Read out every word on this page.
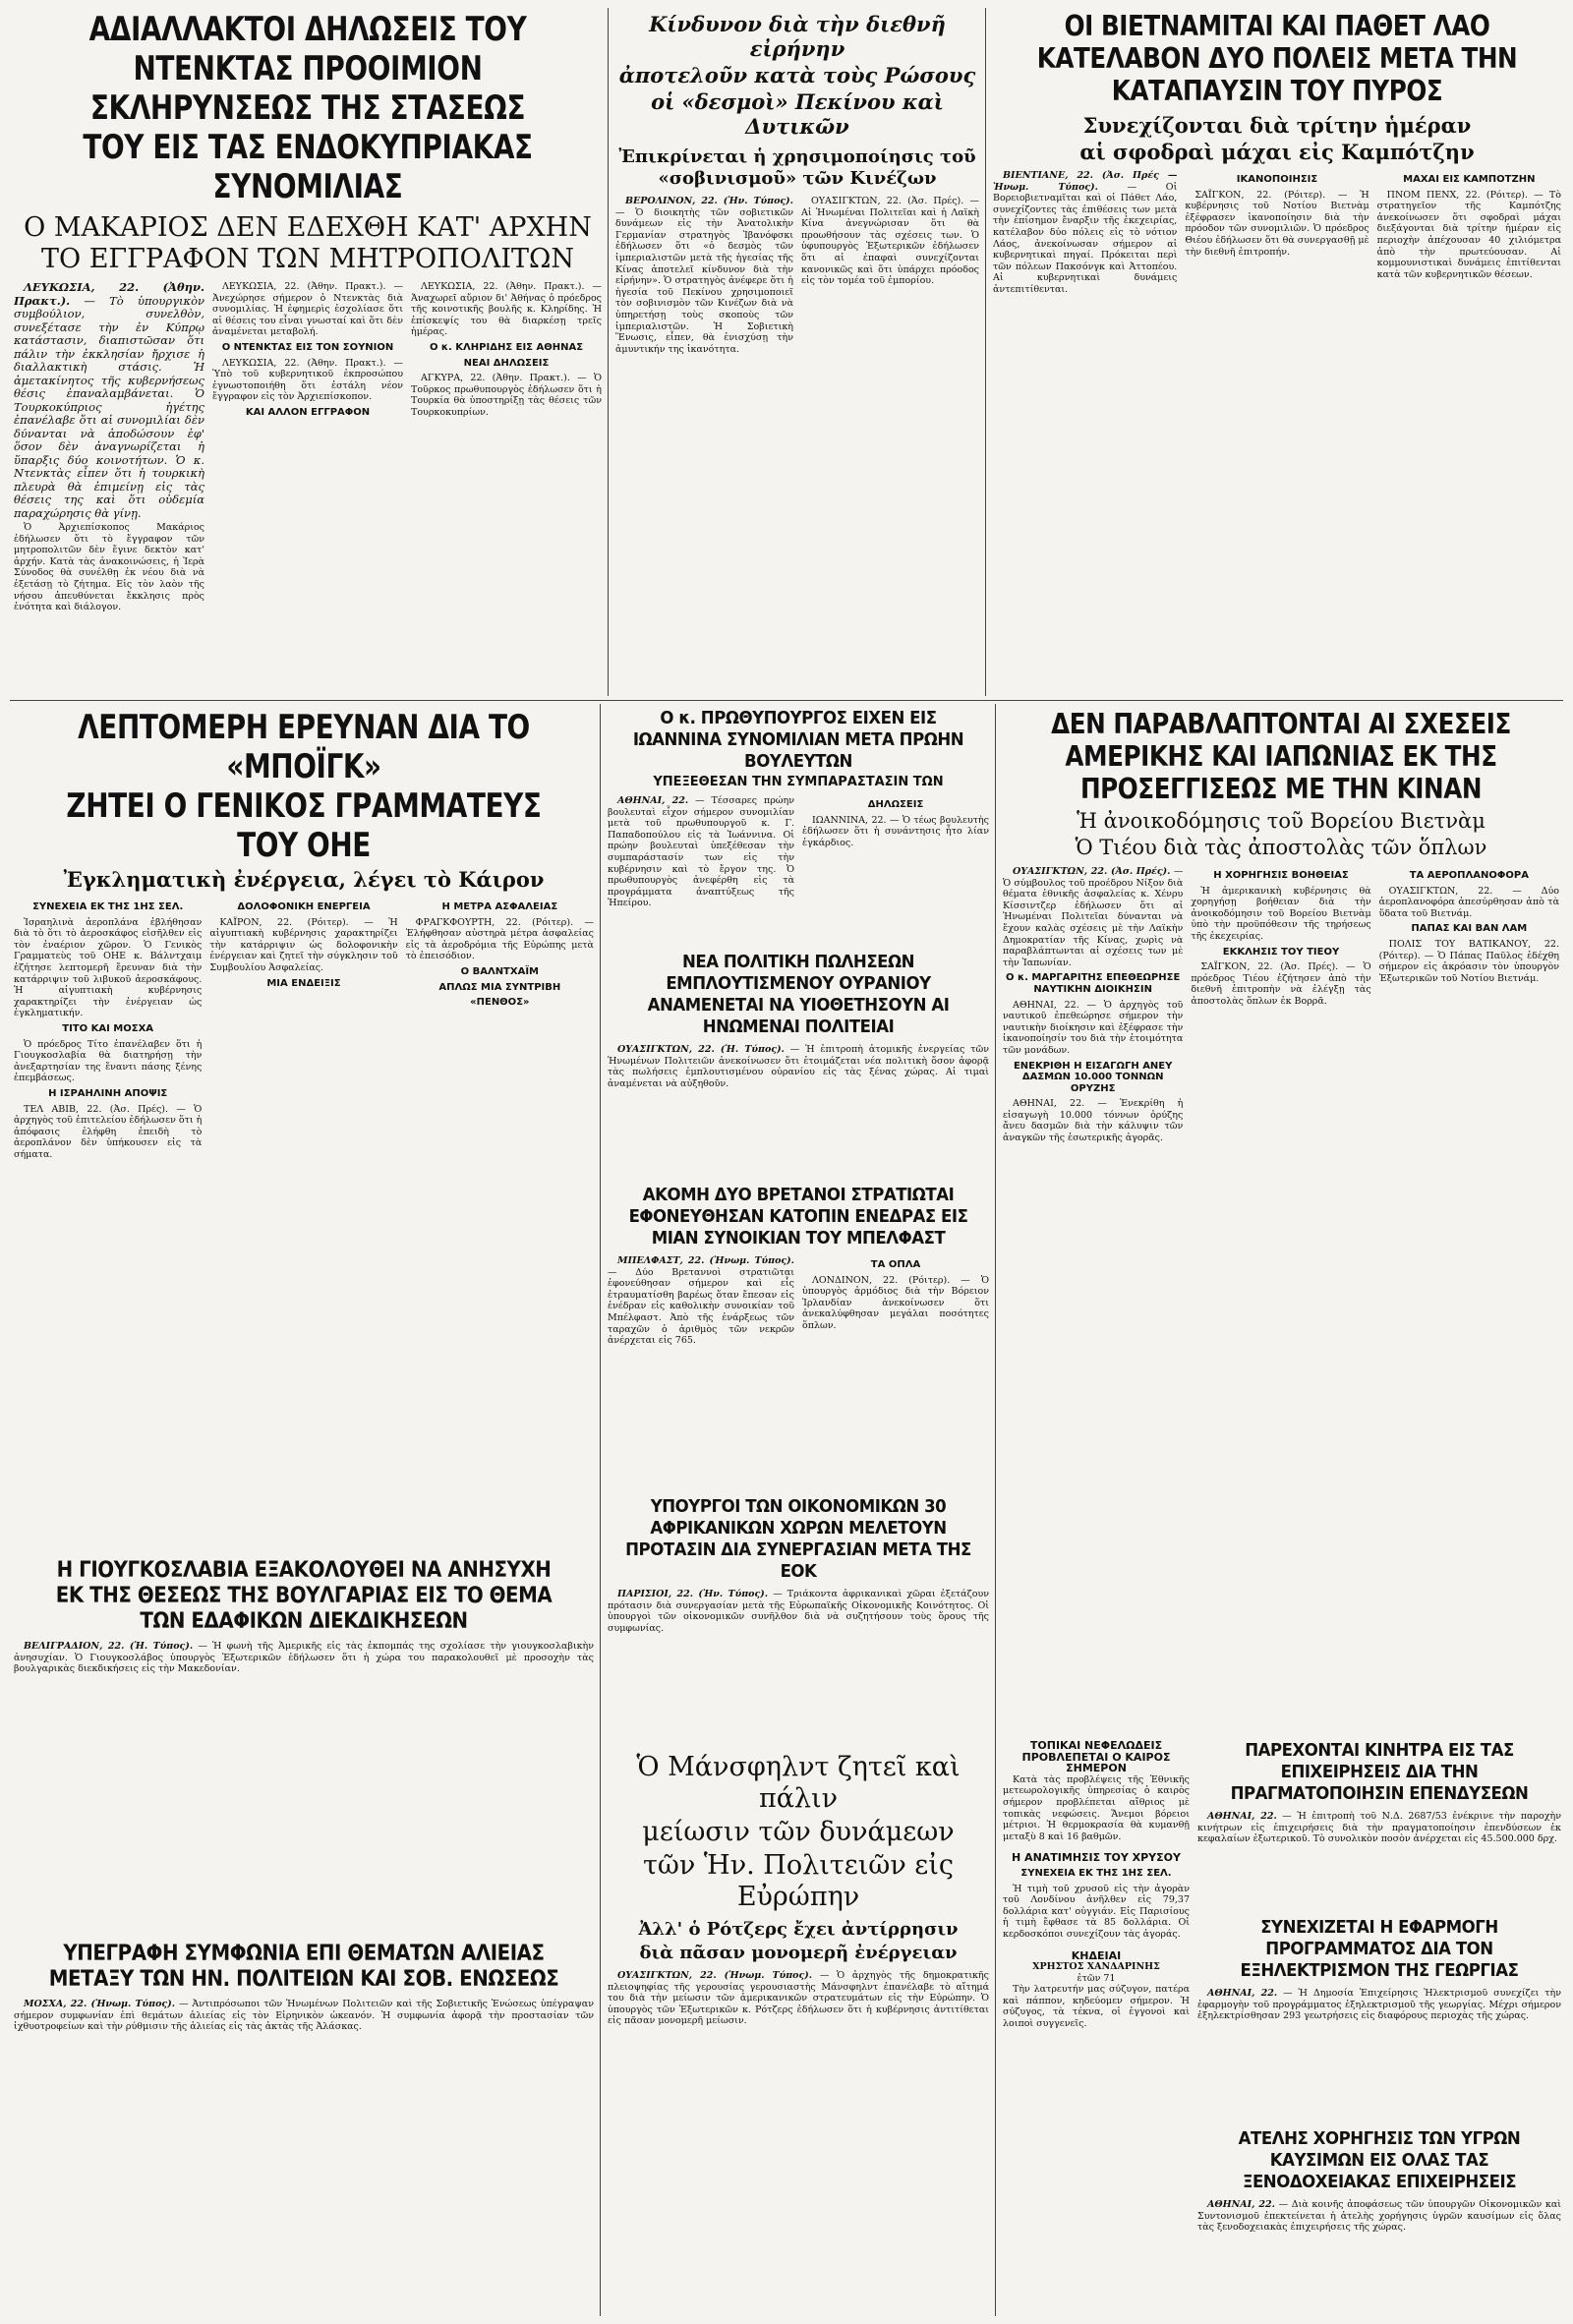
ΑΔΙΑΛΛΑΚΤΟΙ ΔΗΛΩΣΕΙΣ ΤΟΥ ΝΤΕΝΚΤΑΣ ΠΡΟΟΙΜΙΟΝ ΣΚΛΗΡΥΝΣΕΩΣ ΤΗΣ ΣΤΑΣΕΩΣ ΤΟΥ ΕΙΣ ΤΑΣ ΕΝΔΟΚΥΠΡΙΑΚΑΣ ΣΥΝΟΜΙΛΙΑΣ
Ο ΜΑΚΑΡΙΟΣ ΔΕΝ ΕΔΕΧΘΗ ΚΑΤ' ΑΡΧΗΝ ΤΟ ΕΓΓΡΑΦΟΝ ΤΩΝ ΜΗΤΡΟΠΟΛΙΤΩΝ

ΛΕΥΚΩΣΙΑ, 22. (Ἀθην. Πρακτ.). — Τὸ ὑπουργικὸν συμβούλιον, συνελθὸν, συνεξέτασε τὴν ἐν Κύπρῳ κατάστασιν, διαπιστῶσαν ὅτι πάλιν τὴν ἐκκλησίαν ἤρχισε ἡ διαλλακτικὴ στάσις. Ἡ ἀμετακίνητος τῆς κυβερνήσεως θέσις ἐπαναλαμβάνεται. Ὁ Τουρκοκύπριος ἡγέτης ἐπανέλαβε ὅτι αἱ συνομιλίαι δὲν δύνανται νὰ ἀποδώσουν ἐφ' ὅσον δὲν ἀναγνωρίζεται ἡ ὕπαρξις δύο κοινοτήτων. Ὁ κ. Ντενκτὰς εἶπεν ὅτι ἡ τουρκικὴ πλευρὰ θὰ ἐπιμείνῃ εἰς τὰς θέσεις της καὶ ὅτι οὐδεμία παραχώρησις θὰ γίνῃ.

Ὁ Ἀρχιεπίσκοπος Μακάριος ἐδήλωσεν ὅτι τὸ ἔγγραφον τῶν μητροπολιτῶν δὲν ἔγινε δεκτὸν κατ' ἀρχήν. Κατὰ τὰς ἀνακοινώσεις, ἡ Ἱερὰ Σύνοδος θὰ συνέλθῃ ἐκ νέου διὰ νὰ ἐξετάσῃ τὸ ζήτημα. Εἰς τὸν λαὸν τῆς νήσου ἀπευθύνεται ἔκκλησις πρὸς ἑνότητα καὶ διάλογον.

ΛΕΥΚΩΣΙΑ, 22. (Ἀθην. Πρακτ.). — Ἀνεχώρησε σήμερον ὁ Ντενκτὰς διὰ συνομιλίας. Ἡ ἐφημερὶς ἐσχολίασε ὅτι αἱ θέσεις του εἶναι γνωσταί καὶ ὅτι δὲν ἀναμένεται μεταβολή.

Ο ΝΤΕΝΚΤΑΣ ΕΙΣ ΤΟΝ ΣΟΥΝΙΟΝ

ΛΕΥΚΩΣΙΑ, 22. (Ἀθην. Πρακτ.). — Ὑπὸ τοῦ κυβερνητικοῦ ἐκπροσώπου ἐγνωστοποιήθη ὅτι ἐστάλη νέον ἔγγραφον εἰς τὸν Ἀρχιεπίσκοπον.

ΚΑΙ ΑΛΛΟΝ ΕΓΓΡΑΦΟΝ

ΛΕΥΚΩΣΙΑ, 22. (Ἀθην. Πρακτ.). — Ἀναχωρεῖ αὔριον δι' Ἀθήνας ὁ πρόεδρος τῆς κοινοτικῆς βουλῆς κ. Κληρίδης. Ἡ ἐπίσκεψίς του θὰ διαρκέσῃ τρεῖς ἡμέρας.

Ο κ. ΚΛΗΡΙΔΗΣ ΕΙΣ ΑΘΗΝΑΣ
ΝΕΑΙ ΔΗΛΩΣΕΙΣ

ΑΓΚΥΡΑ, 22. (Ἀθην. Πρακτ.). — Ὁ Τοῦρκος πρωθυπουργὸς ἐδήλωσεν ὅτι ἡ Τουρκία θὰ ὑποστηρίξῃ τὰς θέσεις τῶν Τουρκοκυπρίων.

Κίνδυνον διὰ τὴν διεθνῆ εἰρήνην
ἀποτελοῦν κατὰ τοὺς Ρώσους
οἱ «δεσμοὶ» Πεκίνου καὶ Δυτικῶν
Ἐπικρίνεται ἡ χρησιμοποίησις τοῦ «σοβινισμοῦ» τῶν Κινέζων

ΒΕΡΟΛΙΝΟΝ, 22. (Ἠν. Τύπος). — Ὁ διοικητὴς τῶν σοβιετικῶν δυνάμεων εἰς τὴν Ἀνατολικὴν Γερμανίαν στρατηγὸς Ἰβανόφσκι ἐδήλωσεν ὅτι «ὁ δεσμὸς τῶν ἱμπεριαλιστῶν μετὰ τῆς ἡγεσίας τῆς Κίνας ἀποτελεῖ κίνδυνον διὰ τὴν εἰρήνην». Ὁ στρατηγὸς ἀνέφερε ὅτι ἡ ἡγεσία τοῦ Πεκίνου χρησιμοποιεῖ τὸν σοβινισμὸν τῶν Κινέζων διὰ νὰ ὑπηρετήσῃ τοὺς σκοποὺς τῶν ἱμπεριαλιστῶν. Ἡ Σοβιετικὴ Ἕνωσις, εἶπεν, θὰ ἐνισχύσῃ τὴν ἀμυντικήν της ἱκανότητα.

ΟΥΑΣΙΓΚΤΩΝ, 22. (Ἀσ. Πρές). — Αἱ Ἡνωμέναι Πολιτεῖαι καὶ ἡ Λαϊκὴ Κίνα ἀνεγνώρισαν ὅτι θὰ προωθήσουν τὰς σχέσεις των. Ὁ ὑφυπουργὸς Ἐξωτερικῶν ἐδήλωσεν ὅτι αἱ ἐπαφαὶ συνεχίζονται κανονικῶς καὶ ὅτι ὑπάρχει πρόοδος εἰς τὸν τομέα τοῦ ἐμπορίου.

ΟΙ ΒΙΕΤΝΑΜΙΤΑΙ ΚΑΙ ΠΑΘΕΤ ΛΑΟ ΚΑΤΕΛΑΒΟΝ ΔΥΟ ΠΟΛΕΙΣ ΜΕΤΑ ΤΗΝ ΚΑΤΑΠΑΥΣΙΝ ΤΟΥ ΠΥΡΟΣ
Συνεχίζονται διὰ τρίτην ἡμέραν
αἱ σφοδραὶ μάχαι εἰς Καμπότζην

ΒΙΕΝΤΙΑΝΕ, 22. (Ἀσ. Πρές — Ἠνωμ. Τύπος).	— Οἱ Βορειοβιετναμῖται καὶ οἱ Πάθετ Λάο, συνεχίζοντες τὰς ἐπιθέσεις των μετὰ τὴν ἐπίσημον ἔναρξιν τῆς ἐκεχειρίας, κατέλαβον δύο πόλεις εἰς τὸ νότιον Λάος, ἀνεκοίνωσαν σήμερον αἱ κυβερνητικαὶ πηγαί. Πρόκειται περὶ τῶν πόλεων Πακσόνγκ καὶ Ἀττοπέου. Αἱ κυβερνητικαὶ δυνάμεις ἀντεπιτίθενται.

ΙΚΑΝΟΠΟΙΗΣΙΣ

ΣΑΪΓΚΟΝ, 22. (Ρόιτερ). — Ἡ κυβέρνησις τοῦ Νοτίου Βιετνὰμ ἐξέφρασεν ἱκανοποίησιν διὰ τὴν πρόοδον τῶν συνομιλιῶν. Ὁ πρόεδρος Θιέου ἐδήλωσεν ὅτι θὰ συνεργασθῇ μὲ τὴν διεθνῆ ἐπιτροπήν.

ΜΑΧΑΙ ΕΙΣ ΚΑΜΠΟΤΖΗΝ

ΠΝΟΜ ΠΕΝΧ, 22. (Ρόιτερ). — Τὸ στρατηγεῖον τῆς Καμπότζης ἀνεκοίνωσεν ὅτι σφοδραὶ μάχαι διεξάγονται διὰ τρίτην ἡμέραν εἰς περιοχὴν ἀπέχουσαν 40 χιλιόμετρα ἀπὸ τὴν πρωτεύουσαν. Αἱ κομμουνιστικαὶ δυνάμεις ἐπιτίθενται κατὰ τῶν κυβερνητικῶν θέσεων.

ΛΕΠΤΟΜΕΡΗ ΕΡΕΥΝΑΝ ΔΙΑ ΤΟ «ΜΠΟΪΓΚ»
ΖΗΤΕΙ Ο ΓΕΝΙΚΟΣ ΓΡΑΜΜΑΤΕΥΣ ΤΟΥ ΟΗΕ
Ἐγκληματικὴ ἐνέργεια, λέγει τὸ Κάιρον
ΣΥΝΕΧΕΙΑ ΕΚ ΤΗΣ 1ΗΣ ΣΕΛ.

Ἰσραηλινὰ ἀεροπλάνα ἐβλήθησαν διὰ τὸ ὅτι τὸ ἀεροσκάφος εἰσῆλθεν εἰς τὸν ἐναέριον χῶρον. Ὁ Γενικὸς Γραμματεὺς τοῦ ΟΗΕ κ. Βάλντχαιμ ἐζήτησε λεπτομερῆ ἔρευναν διὰ τὴν κατάρριψιν τοῦ λιβυκοῦ ἀεροσκάφους. Ἡ αἰγυπτιακὴ κυβέρνησις χαρακτηρίζει τὴν ἐνέργειαν ὡς ἐγκληματικήν.

ΤΙΤΟ ΚΑΙ ΜΟΣΧΑ

Ὁ πρόεδρος Τίτο ἐπανέλαβεν ὅτι ἡ Γιουγκοσλαβία θὰ διατηρήσῃ τὴν ἀνεξαρτησίαν της ἔναντι πάσης ξένης ἐπεμβάσεως.

Η ΙΣΡΑΗΛΙΝΗ ΑΠΟΨΙΣ

ΤΕΛ ΑΒΙΒ, 22. (Ἀσ. Πρές). — Ὁ ἀρχηγὸς τοῦ ἐπιτελείου ἐδήλωσεν ὅτι ἡ ἀπόφασις ἐλήφθη ἐπειδὴ τὸ ἀεροπλάνον δὲν ὑπήκουσεν εἰς τὰ σήματα.

ΔΟΛΟΦΟΝΙΚΗ ΕΝΕΡΓΕΙΑ

ΚΑΪΡΟΝ, 22. (Ρόιτερ). — Ἡ αἰγυπτιακὴ κυβέρνησις χαρακτηρίζει τὴν κατάρριψιν ὡς δολοφονικὴν ἐνέργειαν καὶ ζητεῖ τὴν σύγκλησιν τοῦ Συμβουλίου Ἀσφαλείας.

ΜΙΑ ΕΝΔΕΙΞΙΣ
Η ΜΕΤΡΑ ΑΣΦΑΛΕΙΑΣ

ΦΡΑΓΚΦΟΥΡΤΗ, 22. (Ρόιτερ). — Ἐλήφθησαν αὐστηρὰ μέτρα ἀσφαλείας εἰς τὰ ἀεροδρόμια τῆς Εὐρώπης μετὰ τὸ ἐπεισόδιον.

Ο ΒΑΛΝΤΧΑΪΜ
ΑΠΛΩΣ ΜΙΑ ΣΥΝΤΡΙΒΗ
«ΠΕΝΘΟΣ»
Η ΓΙΟΥΓΚΟΣΛΑΒΙΑ ΕΞΑΚΟΛΟΥΘΕΙ ΝΑ ΑΝΗΣΥΧΗ ΕΚ ΤΗΣ ΘΕΣΕΩΣ ΤΗΣ ΒΟΥΛΓΑΡΙΑΣ ΕΙΣ ΤΟ ΘΕΜΑ ΤΩΝ ΕΔΑΦΙΚΩΝ ΔΙΕΚΔΙΚΗΣΕΩΝ

ΒΕΛΙΓΡΑΔΙΟΝ, 22. (Ἠ. Τύπος). — Ἡ φωνὴ τῆς Ἀμερικῆς εἰς τὰς ἐκπομπάς της σχολίασε τὴν γιουγκοσλαβικὴν ἀνησυχίαν. Ὁ Γιουγκοσλάβος ὑπουργὸς Ἐξωτερικῶν ἐδήλωσεν ὅτι ἡ χώρα του παρακολουθεῖ μὲ προσοχὴν τὰς βουλγαρικὰς διεκδικήσεις εἰς τὴν Μακεδονίαν.

ΥΠΕΓΡΑΦΗ ΣΥΜΦΩΝΙΑ ΕΠΙ ΘΕΜΑΤΩΝ ΑΛΙΕΙΑΣ ΜΕΤΑΞΥ ΤΩΝ ΗΝ. ΠΟΛΙΤΕΙΩΝ ΚΑΙ ΣΟΒ. ΕΝΩΣΕΩΣ

ΜΟΣΧΑ, 22. (Ἠνωμ. Τύπος). — Ἀντιπρόσωποι τῶν Ἡνωμένων Πολιτειῶν καὶ τῆς Σοβιετικῆς Ἑνώσεως ὑπέγραψαν σήμερον συμφωνίαν ἐπὶ θεμάτων ἁλιείας εἰς τὸν Εἰρηνικὸν ὠκεανόν. Ἡ συμφωνία ἀφορᾷ τὴν προστασίαν τῶν ἰχθυοτροφείων καὶ τὴν ρύθμισιν τῆς ἁλιείας εἰς τὰς ἀκτὰς τῆς Ἀλάσκας.

Ο κ. ΠΡΩΘΥΠΟΥΡΓΟΣ ΕΙΧΕΝ ΕΙΣ ΙΩΑΝΝΙΝΑ ΣΥΝΟΜΙΛΙΑΝ ΜΕΤΑ ΠΡΩΗΝ ΒΟΥΛΕΥΤΩΝ
ΥΠΕΞΕΘΕΣΑΝ ΤΗΝ ΣΥΜΠΑΡΑΣΤΑΣΙΝ ΤΩΝ

ΑΘΗΝΑΙ, 22. — Τέσσαρες πρώην βουλευταὶ εἶχον σήμερον συνομιλίαν μετὰ τοῦ πρωθυπουργοῦ κ. Γ. Παπαδοπούλου εἰς τὰ Ἰωάννινα. Οἱ πρώην βουλευταὶ ὑπεξέθεσαν τὴν συμπαράστασίν των εἰς τὴν κυβέρνησιν καὶ τὸ ἔργον της. Ὁ πρωθυπουργὸς ἀνεφέρθη εἰς τὰ προγράμματα ἀναπτύξεως τῆς Ἠπείρου.

ΔΗΛΩΣΕΙΣ

ΙΩΑΝΝΙΝΑ, 22. — Ὁ τέως βουλευτὴς ἐδήλωσεν ὅτι ἡ συνάντησις ἦτο λίαν ἐγκάρδιος.

ΝΕΑ ΠΟΛΙΤΙΚΗ ΠΩΛΗΣΕΩΝ ΕΜΠΛΟΥΤΙΣΜΕΝΟΥ ΟΥΡΑΝΙΟΥ ΑΝΑΜΕΝΕΤΑΙ ΝΑ ΥΙΟΘΕΤΗΣΟΥΝ ΑΙ ΗΝΩΜΕΝΑΙ ΠΟΛΙΤΕΙΑΙ

ΟΥΑΣΙΓΚΤΩΝ, 22. (Ἠ. Τύπος). — Ἡ ἐπιτροπὴ ἀτομικῆς ἐνεργείας τῶν Ἡνωμένων Πολιτειῶν ἀνεκοίνωσεν ὅτι ἑτοιμάζεται νέα πολιτικὴ ὅσον ἀφορᾷ τὰς πωλήσεις ἐμπλουτισμένου οὐρανίου εἰς τὰς ξένας χώρας. Αἱ τιμαὶ ἀναμένεται νὰ αὐξηθοῦν.

ΑΚΟΜΗ ΔΥΟ ΒΡΕΤΑΝΟΙ ΣΤΡΑΤΙΩΤΑΙ ΕΦΟΝΕΥΘΗΣΑΝ ΚΑΤΟΠΙΝ ΕΝΕΔΡΑΣ ΕΙΣ ΜΙΑΝ ΣΥΝΟΙΚΙΑΝ ΤΟΥ ΜΠΕΛΦΑΣΤ

ΜΠΕΛΦΑΣΤ, 22. (Ἠνωμ. Τύπος). — Δύο Βρεταννοὶ στρατιῶται ἐφονεύθησαν σήμερον καὶ εἷς ἐτραυματίσθη βαρέως ὅταν ἔπεσαν εἰς ἐνέδραν εἰς καθολικὴν συνοικίαν τοῦ Μπέλφαστ. Ἀπὸ τῆς ἐνάρξεως τῶν ταραχῶν ὁ ἀριθμὸς τῶν νεκρῶν ἀνέρχεται εἰς 765.

ΤΑ ΟΠΛΑ

ΛΟΝΔΙΝΟΝ, 22. (Ρόιτερ). — Ὁ ὑπουργὸς ἀρμόδιος διὰ τὴν Βόρειον Ἰρλανδίαν ἀνεκοίνωσεν ὅτι ἀνεκαλύφθησαν μεγάλαι ποσότητες ὅπλων.

ΥΠΟΥΡΓΟΙ ΤΩΝ ΟΙΚΟΝΟΜΙΚΩΝ 30 ΑΦΡΙΚΑΝΙΚΩΝ ΧΩΡΩΝ ΜΕΛΕΤΟΥΝ ΠΡΟΤΑΣΙΝ ΔΙΑ ΣΥΝΕΡΓΑΣΙΑΝ ΜΕΤΑ ΤΗΣ ΕΟΚ

ΠΑΡΙΣΙΟΙ, 22. (Ἠν. Τύπος). — Τριάκοντα ἀφρικανικαὶ χῶραι ἐξετάζουν πρότασιν διὰ συνεργασίαν μετὰ τῆς Εὐρωπαϊκῆς Οἰκονομικῆς Κοινότητος. Οἱ ὑπουργοὶ τῶν οἰκονομικῶν συνῆλθον διὰ νὰ συζητήσουν τοὺς ὅρους τῆς συμφωνίας.

Ὁ Μάνσφηλντ ζητεῖ καὶ πάλιν
μείωσιν τῶν δυνάμεων
τῶν Ἡν. Πολιτειῶν εἰς Εὐρώπην
Ἀλλ' ὁ Ρότζερς ἔχει ἀντίρρησιν
διὰ πᾶσαν μονομερῆ ἐνέργειαν

ΟΥΑΣΙΓΚΤΩΝ, 22. (Ἠνωμ. Τύπος). — Ὁ ἀρχηγὸς τῆς δημοκρατικῆς πλειοψηφίας τῆς γερουσίας γερουσιαστὴς Μάνσφηλντ ἐπανέλαβε τὸ αἴτημά του διὰ τὴν μείωσιν τῶν ἀμερικανικῶν στρατευμάτων εἰς τὴν Εὐρώπην. Ὁ ὑπουργὸς τῶν Ἐξωτερικῶν κ. Ρότζερς ἐδήλωσεν ὅτι ἡ κυβέρνησις ἀντιτίθεται εἰς πᾶσαν μονομερῆ μείωσιν.

ΔΕΝ ΠΑΡΑΒΛΑΠΤΟΝΤΑΙ ΑΙ ΣΧΕΣΕΙΣ ΑΜΕΡΙΚΗΣ ΚΑΙ ΙΑΠΩΝΙΑΣ ΕΚ ΤΗΣ ΠΡΟΣΕΓΓΙΣΕΩΣ ΜΕ ΤΗΝ ΚΙΝΑΝ
Ἡ ἀνοικοδόμησις τοῦ Βορείου Βιετνὰμ
Ὁ Τιέου διὰ τὰς ἀποστολὰς τῶν ὅπλων

ΟΥΑΣΙΓΚΤΩΝ, 22. (Ἀσ. Πρές). — Ὁ σύμβουλος τοῦ προέδρου Νίξον διὰ θέματα ἐθνικῆς ἀσφαλείας κ. Χένρυ Κίσσιντζερ ἐδήλωσεν ὅτι αἱ Ἡνωμέναι Πολιτεῖαι δύνανται νὰ ἔχουν καλὰς σχέσεις μὲ τὴν Λαϊκὴν Δημοκρατίαν τῆς Κίνας, χωρὶς νὰ παραβλάπτωνται αἱ σχέσεις των μὲ τὴν Ἰαπωνίαν.

Ο κ. ΜΑΡΓΑΡΙΤΗΣ ΕΠΕΘΕΩΡΗΣΕ ΝΑΥΤΙΚΗΝ ΔΙΟΙΚΗΣΙΝ

ΑΘΗΝΑΙ, 22. — Ὁ ἀρχηγὸς τοῦ ναυτικοῦ ἐπεθεώρησε σήμερον τὴν ναυτικὴν διοίκησιν καὶ ἐξέφρασε τὴν ἱκανοποίησίν του διὰ τὴν ἑτοιμότητα τῶν μονάδων.

ΕΝΕΚΡΙΘΗ Η ΕΙΣΑΓΩΓΗ ΑΝΕΥ ΔΑΣΜΩΝ 10.000 ΤΟΝΝΩΝ ΟΡΥΖΗΣ

ΑΘΗΝΑΙ, 22. — Ἐνεκρίθη ἡ εἰσαγωγὴ 10.000 τόννων ὀρύζης ἄνευ δασμῶν διὰ τὴν κάλυψιν τῶν ἀναγκῶν τῆς ἐσωτερικῆς ἀγορᾶς.

Η ΧΟΡΗΓΗΣΙΣ ΒΟΗΘΕΙΑΣ

Ἡ ἀμερικανικὴ κυβέρνησις θὰ χορηγήσῃ βοήθειαν διὰ τὴν ἀνοικοδόμησιν τοῦ Βορείου Βιετνὰμ ὑπὸ τὴν προϋπόθεσιν τῆς τηρήσεως τῆς ἐκεχειρίας.

ΕΚΚΛΗΣΙΣ ΤΟΥ ΤΙΕΟΥ

ΣΑΪΓΚΟΝ, 22. (Ἀσ. Πρές). — Ὁ πρόεδρος Τιέου ἐζήτησεν ἀπὸ τὴν διεθνῆ ἐπιτροπὴν νὰ ἐλέγξῃ τὰς ἀποστολὰς ὅπλων ἐκ Βορρᾶ.

ΤΑ ΑΕΡΟΠΛΑΝΟΦΟΡΑ

ΟΥΑΣΙΓΚΤΩΝ, 22. — Δύο ἀεροπλανοφόρα ἀπεσύρθησαν ἀπὸ τὰ ὕδατα τοῦ Βιετνάμ.

ΠΑΠΑΣ ΚΑΙ ΒΑΝ ΛΑΜ

ΠΟΛΙΣ ΤΟΥ ΒΑΤΙΚΑΝΟΥ, 22. (Ρόιτερ). — Ὁ Πάπας Παῦλος ἐδέχθη σήμερον εἰς ἀκρόασιν τὸν ὑπουργὸν Ἐξωτερικῶν τοῦ Νοτίου Βιετνάμ.

ΤΟΠΙΚΑΙ ΝΕΦΕΛΩΔΕΙΣ ΠΡΟΒΛΕΠΕΤΑΙ Ο ΚΑΙΡΟΣ ΣΗΜΕΡΟΝ

Κατὰ τὰς προβλέψεις τῆς Ἐθνικῆς μετεωρολογικῆς ὑπηρεσίας ὁ καιρὸς σήμερον προβλέπεται αἴθριος μὲ τοπικὰς νεφώσεις. Ἄνεμοι βόρειοι μέτριοι. Ἡ θερμοκρασία θὰ κυμανθῇ μεταξὺ 8 καὶ 16 βαθμῶν.

Η ΑΝΑΤΙΜΗΣΙΣ ΤΟΥ ΧΡΥΣΟΥ
ΣΥΝΕΧΕΙΑ ΕΚ ΤΗΣ 1ΗΣ ΣΕΛ.

Ἡ τιμὴ τοῦ χρυσοῦ εἰς τὴν ἀγορὰν τοῦ Λονδίνου ἀνῆλθεν εἰς 79,37 δολλάρια κατ' οὐγγιάν. Εἰς Παρισίους ἡ τιμὴ ἔφθασε τὰ 85 δολλάρια. Οἱ κερδοσκόποι συνεχίζουν τὰς ἀγοράς.

ΚΗΔΕΙΑΙ
ΧΡΗΣΤΟΣ ΧΑΝΔΑΡΙΝΗΣ
ἐτῶν 71

Τὴν λατρευτήν μας σύζυγον, πατέρα καὶ πάππον, κηδεύομεν σήμερον. Ἡ σύζυγος, τὰ τέκνα, οἱ ἐγγονοὶ καὶ λοιποὶ συγγενεῖς.

ΠΑΡΕΧΟΝΤΑΙ ΚΙΝΗΤΡΑ ΕΙΣ ΤΑΣ ΕΠΙΧΕΙΡΗΣΕΙΣ ΔΙΑ ΤΗΝ ΠΡΑΓΜΑΤΟΠΟΙΗΣΙΝ ΕΠΕΝΔΥΣΕΩΝ

ΑΘΗΝΑΙ, 22. — Ἡ ἐπιτροπὴ τοῦ Ν.Δ. 2687/53 ἐνέκρινε τὴν παροχὴν κινήτρων εἰς ἐπιχειρήσεις διὰ τὴν πραγματοποίησιν ἐπενδύσεων ἐκ κεφαλαίων ἐξωτερικοῦ. Τὸ συνολικὸν ποσὸν ἀνέρχεται εἰς 45.500.000 δρχ.

ΣΥΝΕΧΙΖΕΤΑΙ Η ΕΦΑΡΜΟΓΗ ΠΡΟΓΡΑΜΜΑΤΟΣ ΔΙΑ ΤΟΝ ΕΞΗΛΕΚΤΡΙΣΜΟΝ ΤΗΣ ΓΕΩΡΓΙΑΣ

ΑΘΗΝΑΙ, 22. — Ἡ Δημοσία Ἐπιχείρησις Ἠλεκτρισμοῦ συνεχίζει τὴν ἐφαρμογὴν τοῦ προγράμματος ἐξηλεκτρισμοῦ τῆς γεωργίας. Μέχρι σήμερον ἐξηλεκτρίσθησαν 293 γεωτρήσεις εἰς διαφόρους περιοχὰς τῆς χώρας.

ΑΤΕΛΗΣ ΧΟΡΗΓΗΣΙΣ ΤΩΝ ΥΓΡΩΝ ΚΑΥΣΙΜΩΝ ΕΙΣ ΟΛΑΣ ΤΑΣ ΞΕΝΟΔΟΧΕΙΑΚΑΣ ΕΠΙΧΕΙΡΗΣΕΙΣ

ΑΘΗΝΑΙ, 22. — Διὰ κοινῆς ἀποφάσεως τῶν ὑπουργῶν Οἰκονομικῶν καὶ Συντονισμοῦ ἐπεκτείνεται ἡ ἀτελὴς χορήγησις ὑγρῶν καυσίμων εἰς ὅλας τὰς ξενοδοχειακὰς ἐπιχειρήσεις τῆς χώρας.
